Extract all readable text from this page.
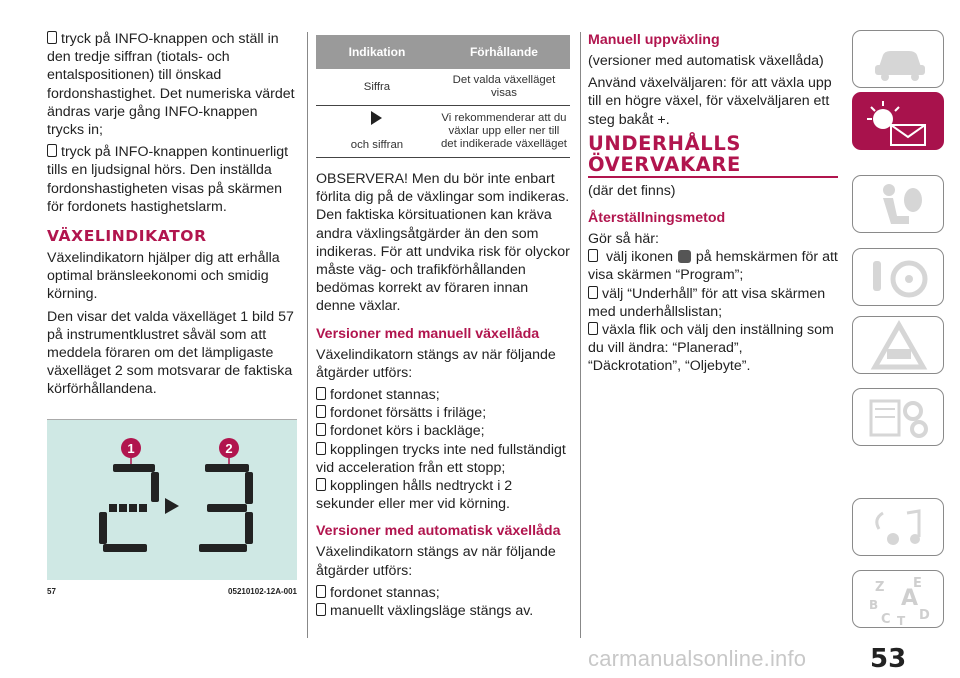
tryck på INFO-knappen och ställ in den tredje siffran (tiotals- och entalspositionen) till önskad fordonshastighet. Det numeriska värdet ändras varje gång INFO-knappen trycks in;

tryck på INFO-knappen kontinuerligt tills en ljudsignal hörs. Den inställda fordonshastigheten visas på skärmen för fordonets hastighetslarm.

VÄXELINDIKATOR

Växelindikatorn hjälper dig att erhålla optimal bränsleekonomi och smidig körning.

Den visar det valda växelläget 1 bild 57 på instrumentklustret såväl som att meddela föraren om det lämpligaste växelläget 2 som motsvarar de faktiska körförhållandena.

1	2
57	05210102-12A-001
Indikation	Förhållande
Siffra	Det valda växelläget visas

och siffran	Vi rekommenderar att du växlar upp eller ner till det indikerade växelläget

OBSERVERA! Men du bör inte enbart förlita dig på de växlingar som indikeras. Den faktiska körsituationen kan kräva andra växlingsåtgärder än den som indikeras. För att undvika risk för olyckor måste väg- och trafikförhållanden bedömas korrekt av föraren innan denne växlar.

Versioner med manuell växellåda

Växelindikatorn stängs av när följande åtgärder utförs:

fordonet stannas;
fordonet försätts i friläge;
fordonet körs i backläge;
kopplingen trycks inte ned fullständigt vid acceleration från ett stopp;
kopplingen hålls nedtryckt i 2 sekunder eller mer vid körning.
Versioner med automatisk växellåda

Växelindikatorn stängs av när följande åtgärder utförs:

fordonet stannas;
manuellt växlingsläge stängs av.
Manuell uppväxling

(versioner med automatisk växellåda)

Använd växelväljaren: för att växla upp till en högre växel, för växelväljaren ett steg bakåt +.

UNDERHÅLLS ÖVERVAKARE

(där det finns)

Återställningsmetod

Gör så här:

välj ikonen på hemskärmen för att visa skärmen “Program”;
välj “Underhåll” för att visa skärmen med underhållslistan;
växla flik och välj den inställning som du vill ändra: “Planerad”, “Däckrotation”, “Oljebyte”.
Z E
B A
C T D
carmanualsonline.info 53
